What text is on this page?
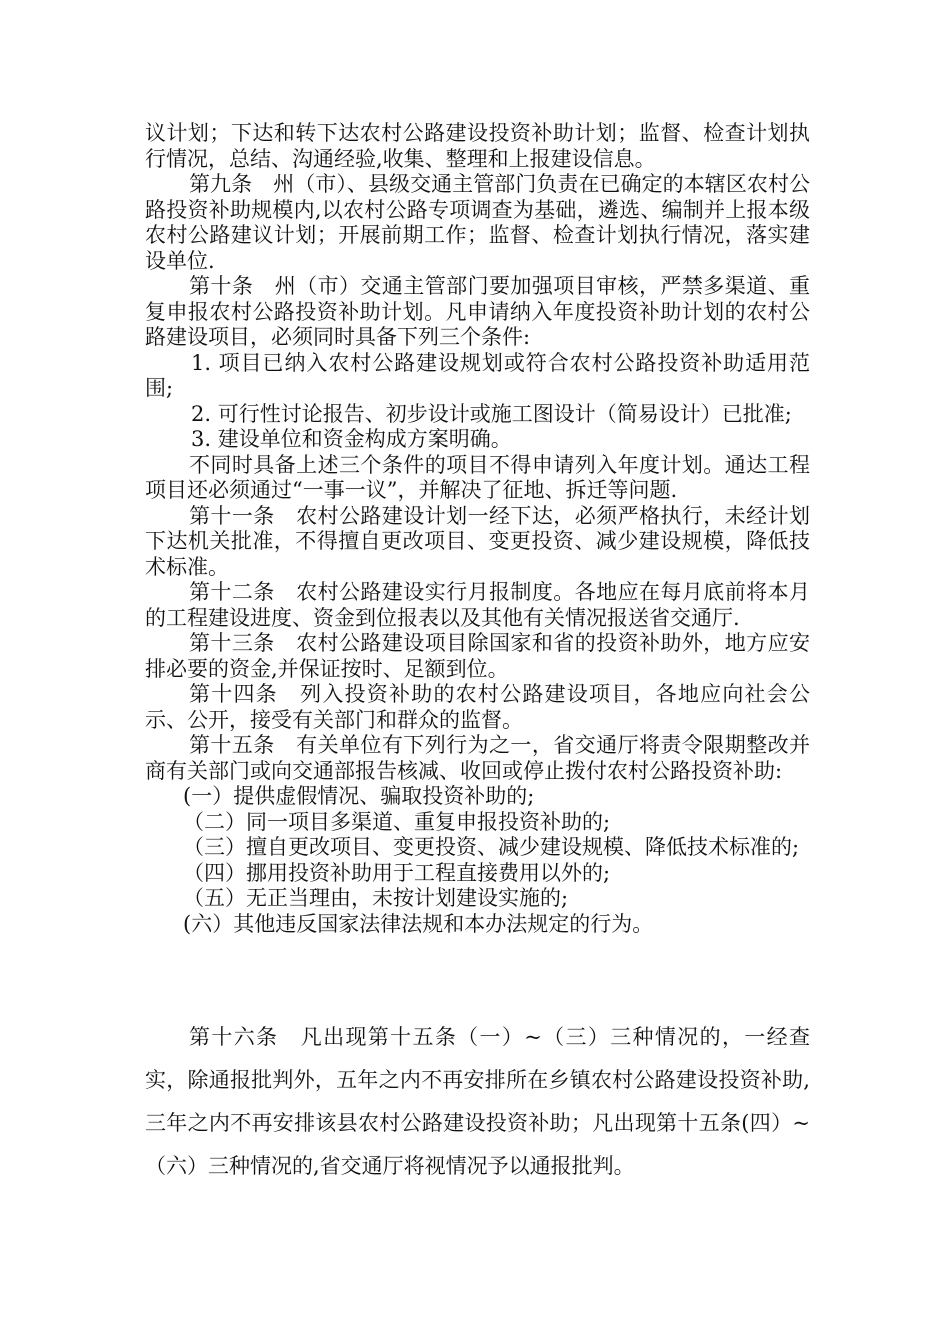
议计划；下达和转下达农村公路建设投资补助计划；监督、检查计划执行情况，总结、沟通经验,收集、整理和上报建设信息。

第九条　州（市）、县级交通主管部门负责在已确定的本辖区农村公路投资补助规模内,以农村公路专项调查为基础，遴选、编制并上报本级农村公路建议计划；开展前期工作；监督、检查计划执行情况，落实建设单位.

第十条　州（市）交通主管部门要加强项目审核，严禁多渠道、重复申报农村公路投资补助计划。凡申请纳入年度投资补助计划的农村公路建设项目，必须同时具备下列三个条件:

1. 项目已纳入农村公路建设规划或符合农村公路投资补助适用范围;

2. 可行性讨论报告、初步设计或施工图设计（简易设计）已批准;

3. 建设单位和资金构成方案明确。

不同时具备上述三个条件的项目不得申请列入年度计划。通达工程项目还必须通过“一事一议”，并解决了征地、拆迁等问题.

第十一条　农村公路建设计划一经下达，必须严格执行，未经计划下达机关批准，不得擅自更改项目、变更投资、减少建设规模，降低技术标准。

第十二条　农村公路建设实行月报制度。各地应在每月底前将本月的工程建设进度、资金到位报表以及其他有关情况报送省交通厅.

第十三条　农村公路建设项目除国家和省的投资补助外，地方应安排必要的资金,并保证按时、足额到位。

第十四条　列入投资补助的农村公路建设项目，各地应向社会公示、公开，接受有关部门和群众的监督。

第十五条　有关单位有下列行为之一，省交通厅将责令限期整改并商有关部门或向交通部报告核减、收回或停止拨付农村公路投资补助:

(一）提供虚假情况、骗取投资补助的;

（二）同一项目多渠道、重复申报投资补助的;

（三）擅自更改项目、变更投资、减少建设规模、降低技术标准的;

（四）挪用投资补助用于工程直接费用以外的;

（五）无正当理由，未按计划建设实施的;

(六）其他违反国家法律法规和本办法规定的行为。

第十六条　凡出现第十五条（一）~（三）三种情况的，一经查实，除通报批判外，五年之内不再安排所在乡镇农村公路建设投资补助,三年之内不再安排该县农村公路建设投资补助；凡出现第十五条(四）~（六）三种情况的,省交通厅将视情况予以通报批判。
